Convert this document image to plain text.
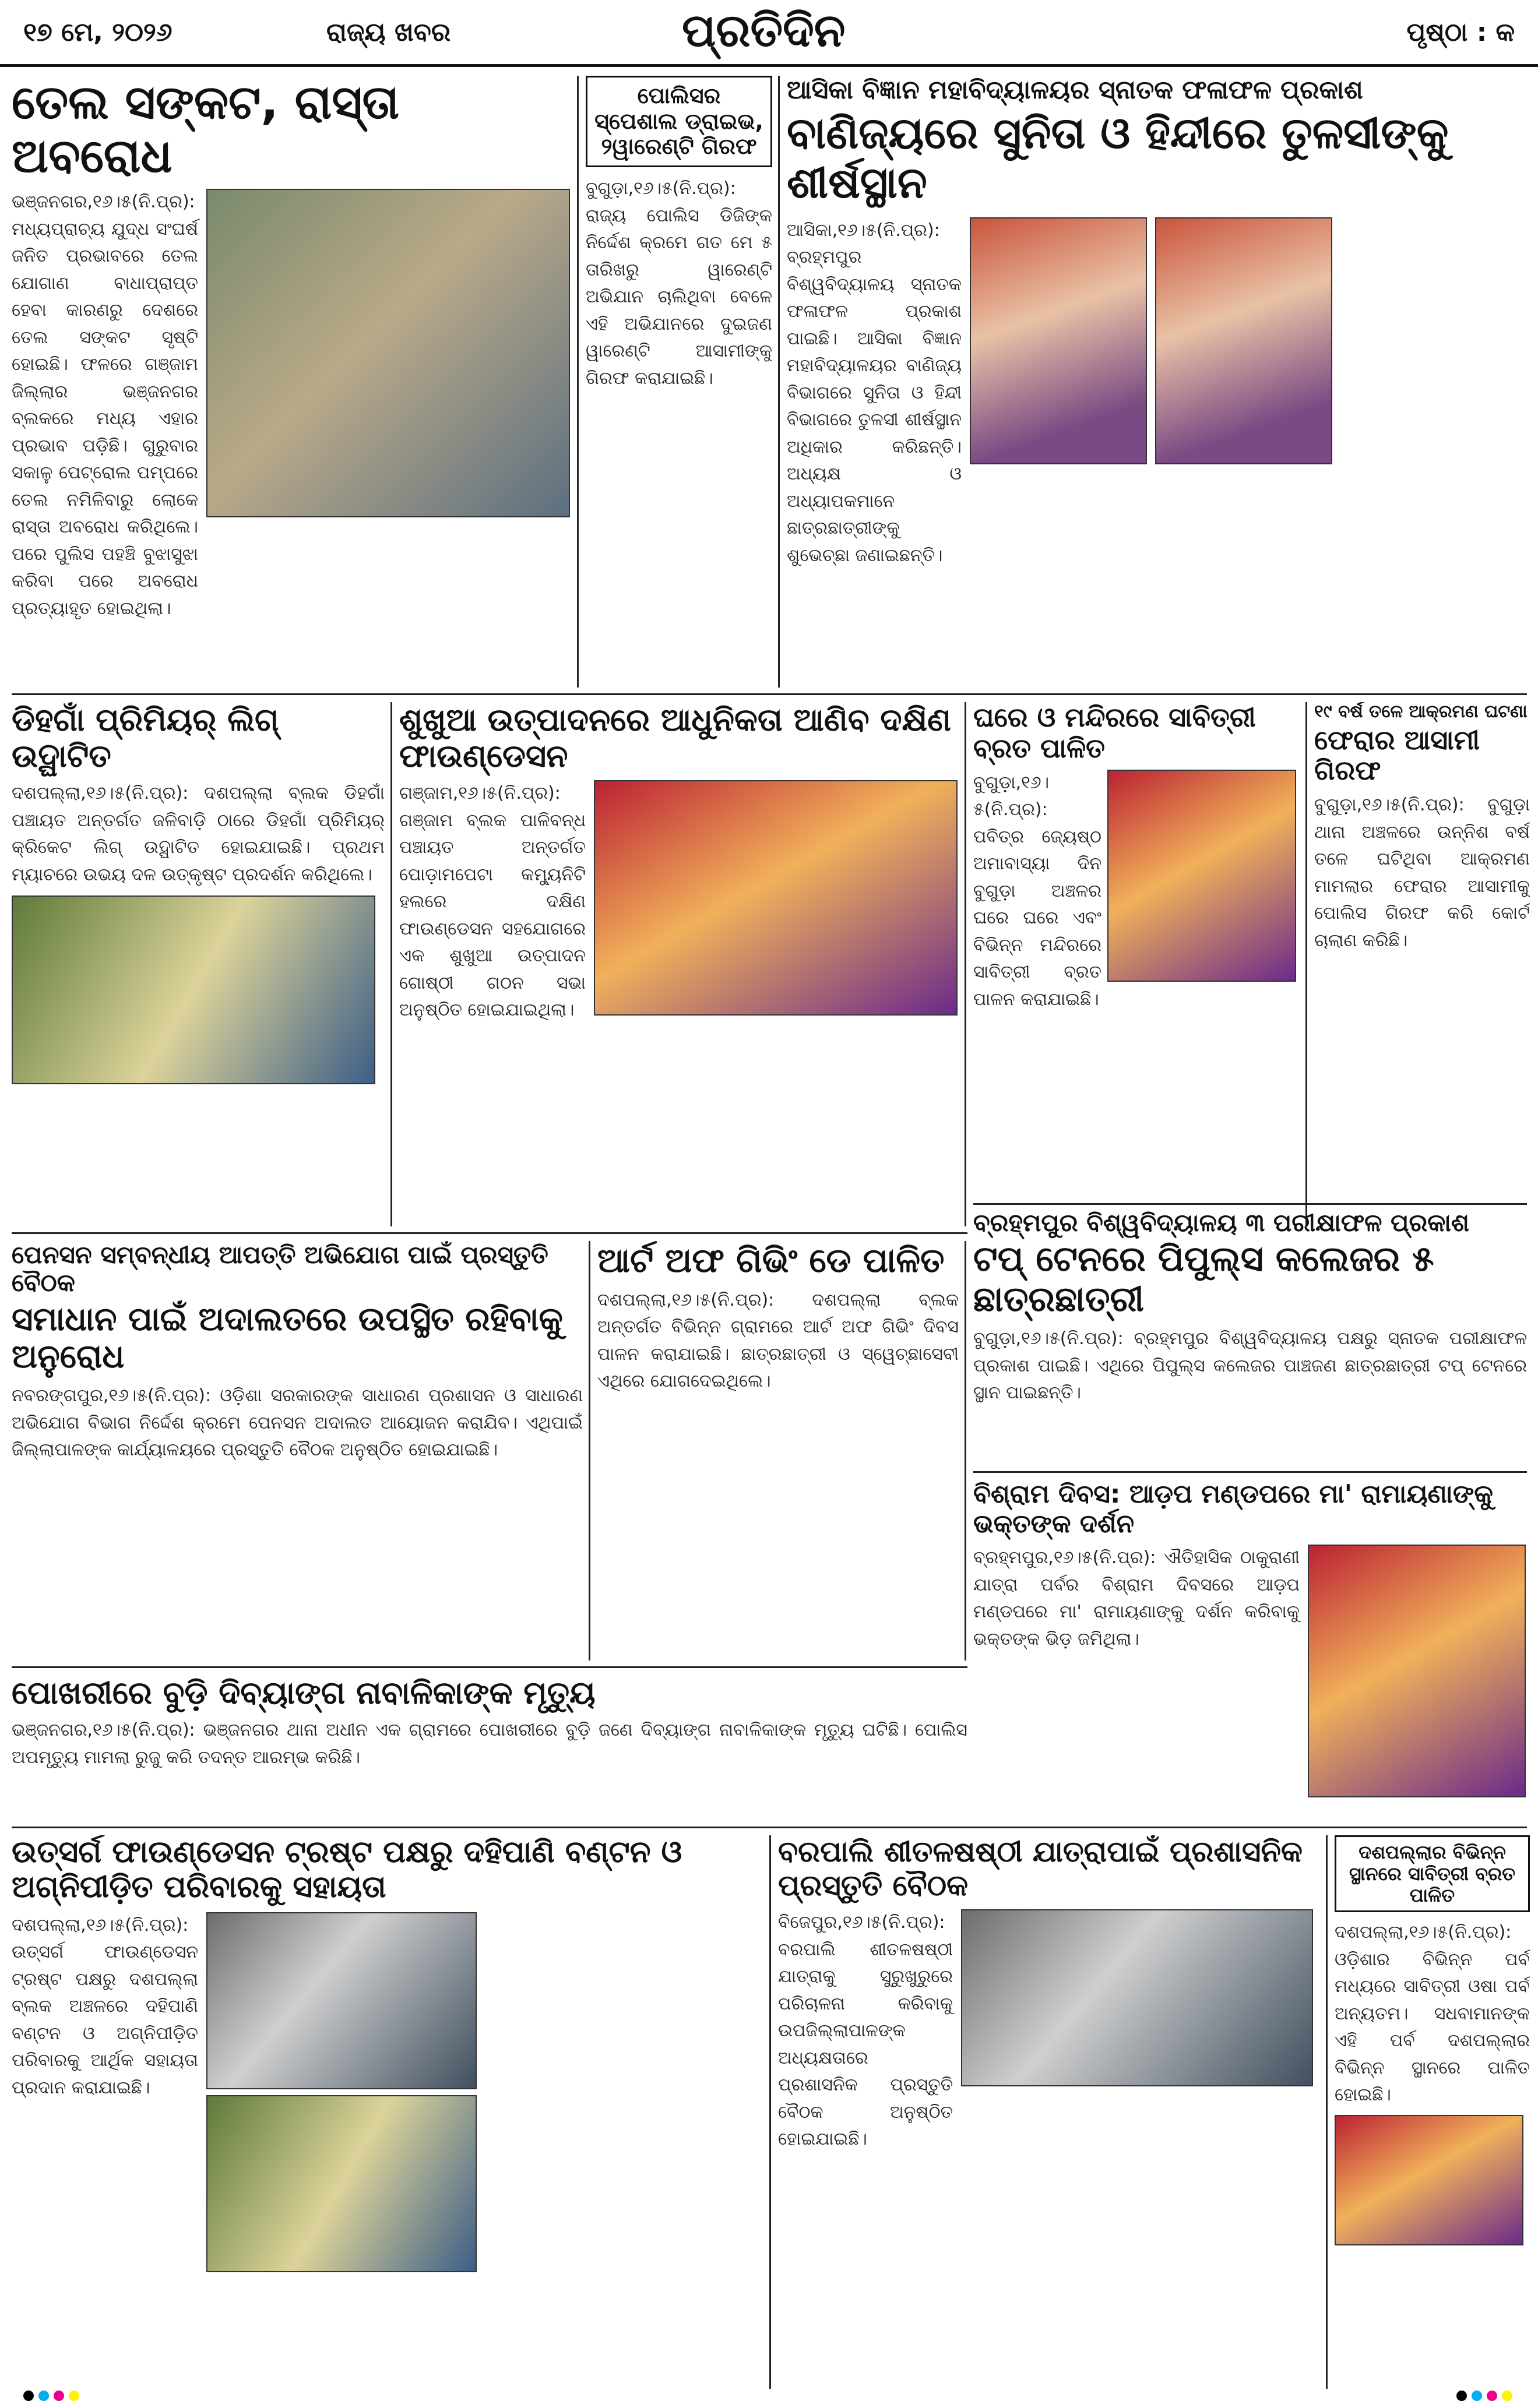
୧୭ ମେ, ୨୦୨୬	ରାଜ୍ୟ ଖବର	ପ୍ରତିଦିନ	ପୃଷ୍ଠା : କ
ତେଲ ସଙ୍କଟ, ରାସ୍ତା ଅବରୋଧ
ଭଞ୍ଜନଗର,୧୬।୫(ନି.ପ୍ର): ମଧ୍ୟପ୍ରାଚ୍ୟ ଯୁଦ୍ଧ ସଂଘର୍ଷ ଜନିତ ପ୍ରଭାବରେ ତେଲ ଯୋଗାଣ ବାଧାପ୍ରାପ୍ତ ହେବା କାରଣରୁ ଦେଶରେ ତେଲ ସଙ୍କଟ ସୃଷ୍ଟି ହୋଇଛି। ଫଳରେ ଗଞ୍ଜାମ ଜିଲ୍ଲାର ଭଞ୍ଜନଗର ବ୍ଲକରେ ମଧ୍ୟ ଏହାର ପ୍ରଭାବ ପଡ଼ିଛି। ଗୁରୁବାର ସକାଳୁ ପେଟ୍ରୋଲ ପମ୍ପରେ ତେଲ ନମିଳିବାରୁ ଲୋକେ ରାସ୍ତା ଅବରୋଧ କରିଥିଲେ। ପରେ ପୁଲିସ ପହଞ୍ଚି ବୁଝାସୁଝା କରିବା ପରେ ଅବରୋଧ ପ୍ରତ୍ୟାହୃତ ହୋଇଥିଲା।
ପୋଲିସର ସ୍ପେଶାଲ ଡ୍ରାଇଭ, ୨ୱାରେଣ୍ଟି ଗିରଫ
ବୁଗୁଡ଼ା,୧୬।୫(ନି.ପ୍ର): ରାଜ୍ୟ ପୋଲିସ ଡିଜିଙ୍କ ନିର୍ଦ୍ଦେଶ କ୍ରମେ ଗତ ମେ ୫ ତାରିଖରୁ ୱାରେଣ୍ଟି ଅଭିଯାନ ଚାଲିଥିବା ବେଳେ ଏହି ଅଭିଯାନରେ ଦୁଇଜଣ ୱାରେଣ୍ଟି ଆସାମୀଙ୍କୁ ଗିରଫ କରାଯାଇଛି।
ଆସିକା ବିଜ୍ଞାନ ମହାବିଦ୍ୟାଳୟର ସ୍ନାତକ ଫଳାଫଳ ପ୍ରକାଶ
ବାଣିଜ୍ୟରେ ସୁନିତା ଓ ହିନ୍ଦୀରେ ତୁଳସୀଙ୍କୁ ଶୀର୍ଷସ୍ଥାନ
ଆସିକା,୧୬।୫(ନି.ପ୍ର): ବ୍ରହ୍ମପୁର ବିଶ୍ୱବିଦ୍ୟାଳୟ ସ୍ନାତକ ଫଳାଫଳ ପ୍ରକାଶ ପାଇଛି। ଆସିକା ବିଜ୍ଞାନ ମହାବିଦ୍ୟାଳୟର ବାଣିଜ୍ୟ ବିଭାଗରେ ସୁନିତା ଓ ହିନ୍ଦୀ ବିଭାଗରେ ତୁଳସୀ ଶୀର୍ଷସ୍ଥାନ ଅଧିକାର କରିଛନ୍ତି। ଅଧ୍ୟକ୍ଷ ଓ ଅଧ୍ୟାପକମାନେ ଛାତ୍ରଛାତ୍ରୀଙ୍କୁ ଶୁଭେଚ୍ଛା ଜଣାଇଛନ୍ତି।
ଡିହଗାଁ ପ୍ରିମିୟର୍ ଲିଗ୍ ଉଦ୍ଘାଟିତ
ଦଶପଲ୍ଲା,୧୬।୫(ନି.ପ୍ର): ଦଶପଲ୍ଲା ବ୍ଲକ ଡିହଗାଁ ପଞ୍ଚାୟତ ଅନ୍ତର୍ଗତ ଜଳିବାଡ଼ି ଠାରେ ଡିହଗାଁ ପ୍ରିମିୟର୍ କ୍ରିକେଟ ଲିଗ୍ ଉଦ୍ଘାଟିତ ହୋଇଯାଇଛି। ପ୍ରଥମ ମ୍ୟାଚରେ ଉଭୟ ଦଳ ଉତ୍କୃଷ୍ଟ ପ୍ରଦର୍ଶନ କରିଥିଲେ।
ଶୁଖୁଆ ଉତ୍ପାଦନରେ ଆଧୁନିକତା ଆଣିବ ଦକ୍ଷିଣ ଫାଉଣ୍ଡେସନ
ଗଞ୍ଜାମ,୧୬।୫(ନି.ପ୍ର): ଗଞ୍ଜାମ ବ୍ଲକ ପାଳିବନ୍ଧ ପଞ୍ଚାୟତ ଅନ୍ତର୍ଗତ ପୋଡ଼ାମପେଟା କମ୍ୟୁନିଟି ହଲରେ ଦକ୍ଷିଣ ଫାଉଣ୍ଡେସନ ସହଯୋଗରେ ଏକ ଶୁଖୁଆ ଉତ୍ପାଦନ ଗୋଷ୍ଠୀ ଗଠନ ସଭା ଅନୁଷ୍ଠିତ ହୋଇଯାଇଥିଲା।
ଘରେ ଓ ମନ୍ଦିରରେ ସାବିତ୍ରୀ ବ୍ରତ ପାଳିତ
ବୁଗୁଡ଼ା,୧୬।୫(ନି.ପ୍ର): ପବିତ୍ର ଜ୍ୟେଷ୍ଠ ଅମାବାସ୍ୟା ଦିନ ବୁଗୁଡ଼ା ଅଞ୍ଚଳର ଘରେ ଘରେ ଏବଂ ବିଭିନ୍ନ ମନ୍ଦିରରେ ସାବିତ୍ରୀ ବ୍ରତ ପାଳନ କରାଯାଇଛି।
୧୯ ବର୍ଷ ତଳେ ଆକ୍ରମଣ ଘଟଣା
ଫେରାର ଆସାମୀ ଗିରଫ
ବୁଗୁଡ଼ା,୧୬।୫(ନି.ପ୍ର): ବୁଗୁଡ଼ା ଥାନା ଅଞ୍ଚଳରେ ଉନ୍ନିଶ ବର୍ଷ ତଳେ ଘଟିଥିବା ଆକ୍ରମଣ ମାମଲାର ଫେରାର ଆସାମୀକୁ ପୋଲିସ ଗିରଫ କରି କୋର୍ଟ ଚାଲାଣ କରିଛି।
ବ୍ରହ୍ମପୁର ବିଶ୍ୱବିଦ୍ୟାଳୟ ୩ ପରୀକ୍ଷାଫଳ ପ୍ରକାଶ
ଟପ୍ ଟେନରେ ପିପୁଲ୍ସ କଲେଜର ୫ ଛାତ୍ରଛାତ୍ରୀ
ବୁଗୁଡ଼ା,୧୬।୫(ନି.ପ୍ର): ବ୍ରହ୍ମପୁର ବିଶ୍ୱବିଦ୍ୟାଳୟ ପକ୍ଷରୁ ସ୍ନାତକ ପରୀକ୍ଷାଫଳ ପ୍ରକାଶ ପାଇଛି। ଏଥିରେ ପିପୁଲ୍ସ କଲେଜର ପାଞ୍ଚଜଣ ଛାତ୍ରଛାତ୍ରୀ ଟପ୍ ଟେନରେ ସ୍ଥାନ ପାଇଛନ୍ତି।
ପେନସନ ସମ୍ବନ୍ଧୀୟ ଆପତ୍ତି ଅଭିଯୋଗ ପାଇଁ ପ୍ରସ୍ତୁତି ବୈଠକ
ସମାଧାନ ପାଇଁ ଅଦାଲତରେ ଉପସ୍ଥିତ ରହିବାକୁ ଅନୁରୋଧ
ନବରଙ୍ଗପୁର,୧୬।୫(ନି.ପ୍ର): ଓଡ଼ିଶା ସରକାରଙ୍କ ସାଧାରଣ ପ୍ରଶାସନ ଓ ସାଧାରଣ ଅଭିଯୋଗ ବିଭାଗ ନିର୍ଦ୍ଦେଶ କ୍ରମେ ପେନସନ ଅଦାଲତ ଆୟୋଜନ କରାଯିବ। ଏଥିପାଇଁ ଜିଲ୍ଲାପାଳଙ୍କ କାର୍ଯ୍ୟାଳୟରେ ପ୍ରସ୍ତୁତି ବୈଠକ ଅନୁଷ୍ଠିତ ହୋଇଯାଇଛି।
ଆର୍ଟ ଅଫ ଗିଭିଂ ଡେ ପାଳିତ
ଦଶପଲ୍ଲା,୧୬।୫(ନି.ପ୍ର): ଦଶପଲ୍ଲା ବ୍ଲକ ଅନ୍ତର୍ଗତ ବିଭିନ୍ନ ଗ୍ରାମରେ ଆର୍ଟ ଅଫ ଗିଭିଂ ଦିବସ ପାଳନ କରାଯାଇଛି। ଛାତ୍ରଛାତ୍ରୀ ଓ ସ୍ୱେଚ୍ଛାସେବୀ ଏଥିରେ ଯୋଗଦେଇଥିଲେ।
ବିଶ୍ରାମ ଦିବସ: ଆଡ଼ପ ମଣ୍ଡପରେ ମା' ରାମାୟଣାଙ୍କୁ ଭକ୍ତଙ୍କ ଦର୍ଶନ
ବ୍ରହ୍ମପୁର,୧୬।୫(ନି.ପ୍ର): ଐତିହାସିକ ଠାକୁରାଣୀ ଯାତ୍ରା ପର୍ବର ବିଶ୍ରାମ ଦିବସରେ ଆଡ଼ପ ମଣ୍ଡପରେ ମା' ରାମାୟଣାଙ୍କୁ ଦର୍ଶନ କରିବାକୁ ଭକ୍ତଙ୍କ ଭିଡ଼ ଜମିଥିଲା।
ପୋଖରୀରେ ବୁଡ଼ି ଦିବ୍ୟାଙ୍ଗ ନାବାଳିକାଙ୍କ ମୃତ୍ୟୁ
ଭଞ୍ଜନଗର,୧୬।୫(ନି.ପ୍ର): ଭଞ୍ଜନଗର ଥାନା ଅଧୀନ ଏକ ଗ୍ରାମରେ ପୋଖରୀରେ ବୁଡ଼ି ଜଣେ ଦିବ୍ୟାଙ୍ଗ ନାବାଳିକାଙ୍କ ମୃତ୍ୟୁ ଘଟିଛି। ପୋଲିସ ଅପମୃତ୍ୟୁ ମାମଲା ରୁଜୁ କରି ତଦନ୍ତ ଆରମ୍ଭ କରିଛି।
ଉତ୍ସର୍ଗ ଫାଉଣ୍ଡେସନ ଟ୍ରଷ୍ଟ ପକ୍ଷରୁ ଦହିପାଣି ବଣ୍ଟନ ଓ ଅଗ୍ନିପୀଡ଼ିତ ପରିବାରକୁ ସହାୟତା
ଦଶପଲ୍ଲା,୧୬।୫(ନି.ପ୍ର): ଉତ୍ସର୍ଗ ଫାଉଣ୍ଡେସନ ଟ୍ରଷ୍ଟ ପକ୍ଷରୁ ଦଶପଲ୍ଲା ବ୍ଲକ ଅଞ୍ଚଳରେ ଦହିପାଣି ବଣ୍ଟନ ଓ ଅଗ୍ନିପୀଡ଼ିତ ପରିବାରକୁ ଆର୍ଥିକ ସହାୟତା ପ୍ରଦାନ କରାଯାଇଛି।
ବରପାଲି ଶୀତଳଷଷ୍ଠୀ ଯାତ୍ରାପାଇଁ ପ୍ରଶାସନିକ ପ୍ରସ୍ତୁତି ବୈଠକ
ବିଜେପୁର,୧୬।୫(ନି.ପ୍ର): ବରପାଲି ଶୀତଳଷଷ୍ଠୀ ଯାତ୍ରାକୁ ସୁରୁଖୁରୁରେ ପରିଚାଳନା କରିବାକୁ ଉପଜିଲ୍ଲାପାଳଙ୍କ ଅଧ୍ୟକ୍ଷତାରେ ପ୍ରଶାସନିକ ପ୍ରସ୍ତୁତି ବୈଠକ ଅନୁଷ୍ଠିତ ହୋଇଯାଇଛି।
ଦଶପଲ୍ଲାର ବିଭିନ୍ନ ସ୍ଥାନରେ ସାବିତ୍ରୀ ବ୍ରତ ପାଳିତ
ଦଶପଲ୍ଲା,୧୬।୫(ନି.ପ୍ର): ଓଡ଼ିଶାର ବିଭିନ୍ନ ପର୍ବ ମଧ୍ୟରେ ସାବିତ୍ରୀ ଓଷା ପର୍ବ ଅନ୍ୟତମ। ସଧବାମାନଙ୍କ ଏହି ପର୍ବ ଦଶପଲ୍ଲାର ବିଭିନ୍ନ ସ୍ଥାନରେ ପାଳିତ ହୋଇଛି।
